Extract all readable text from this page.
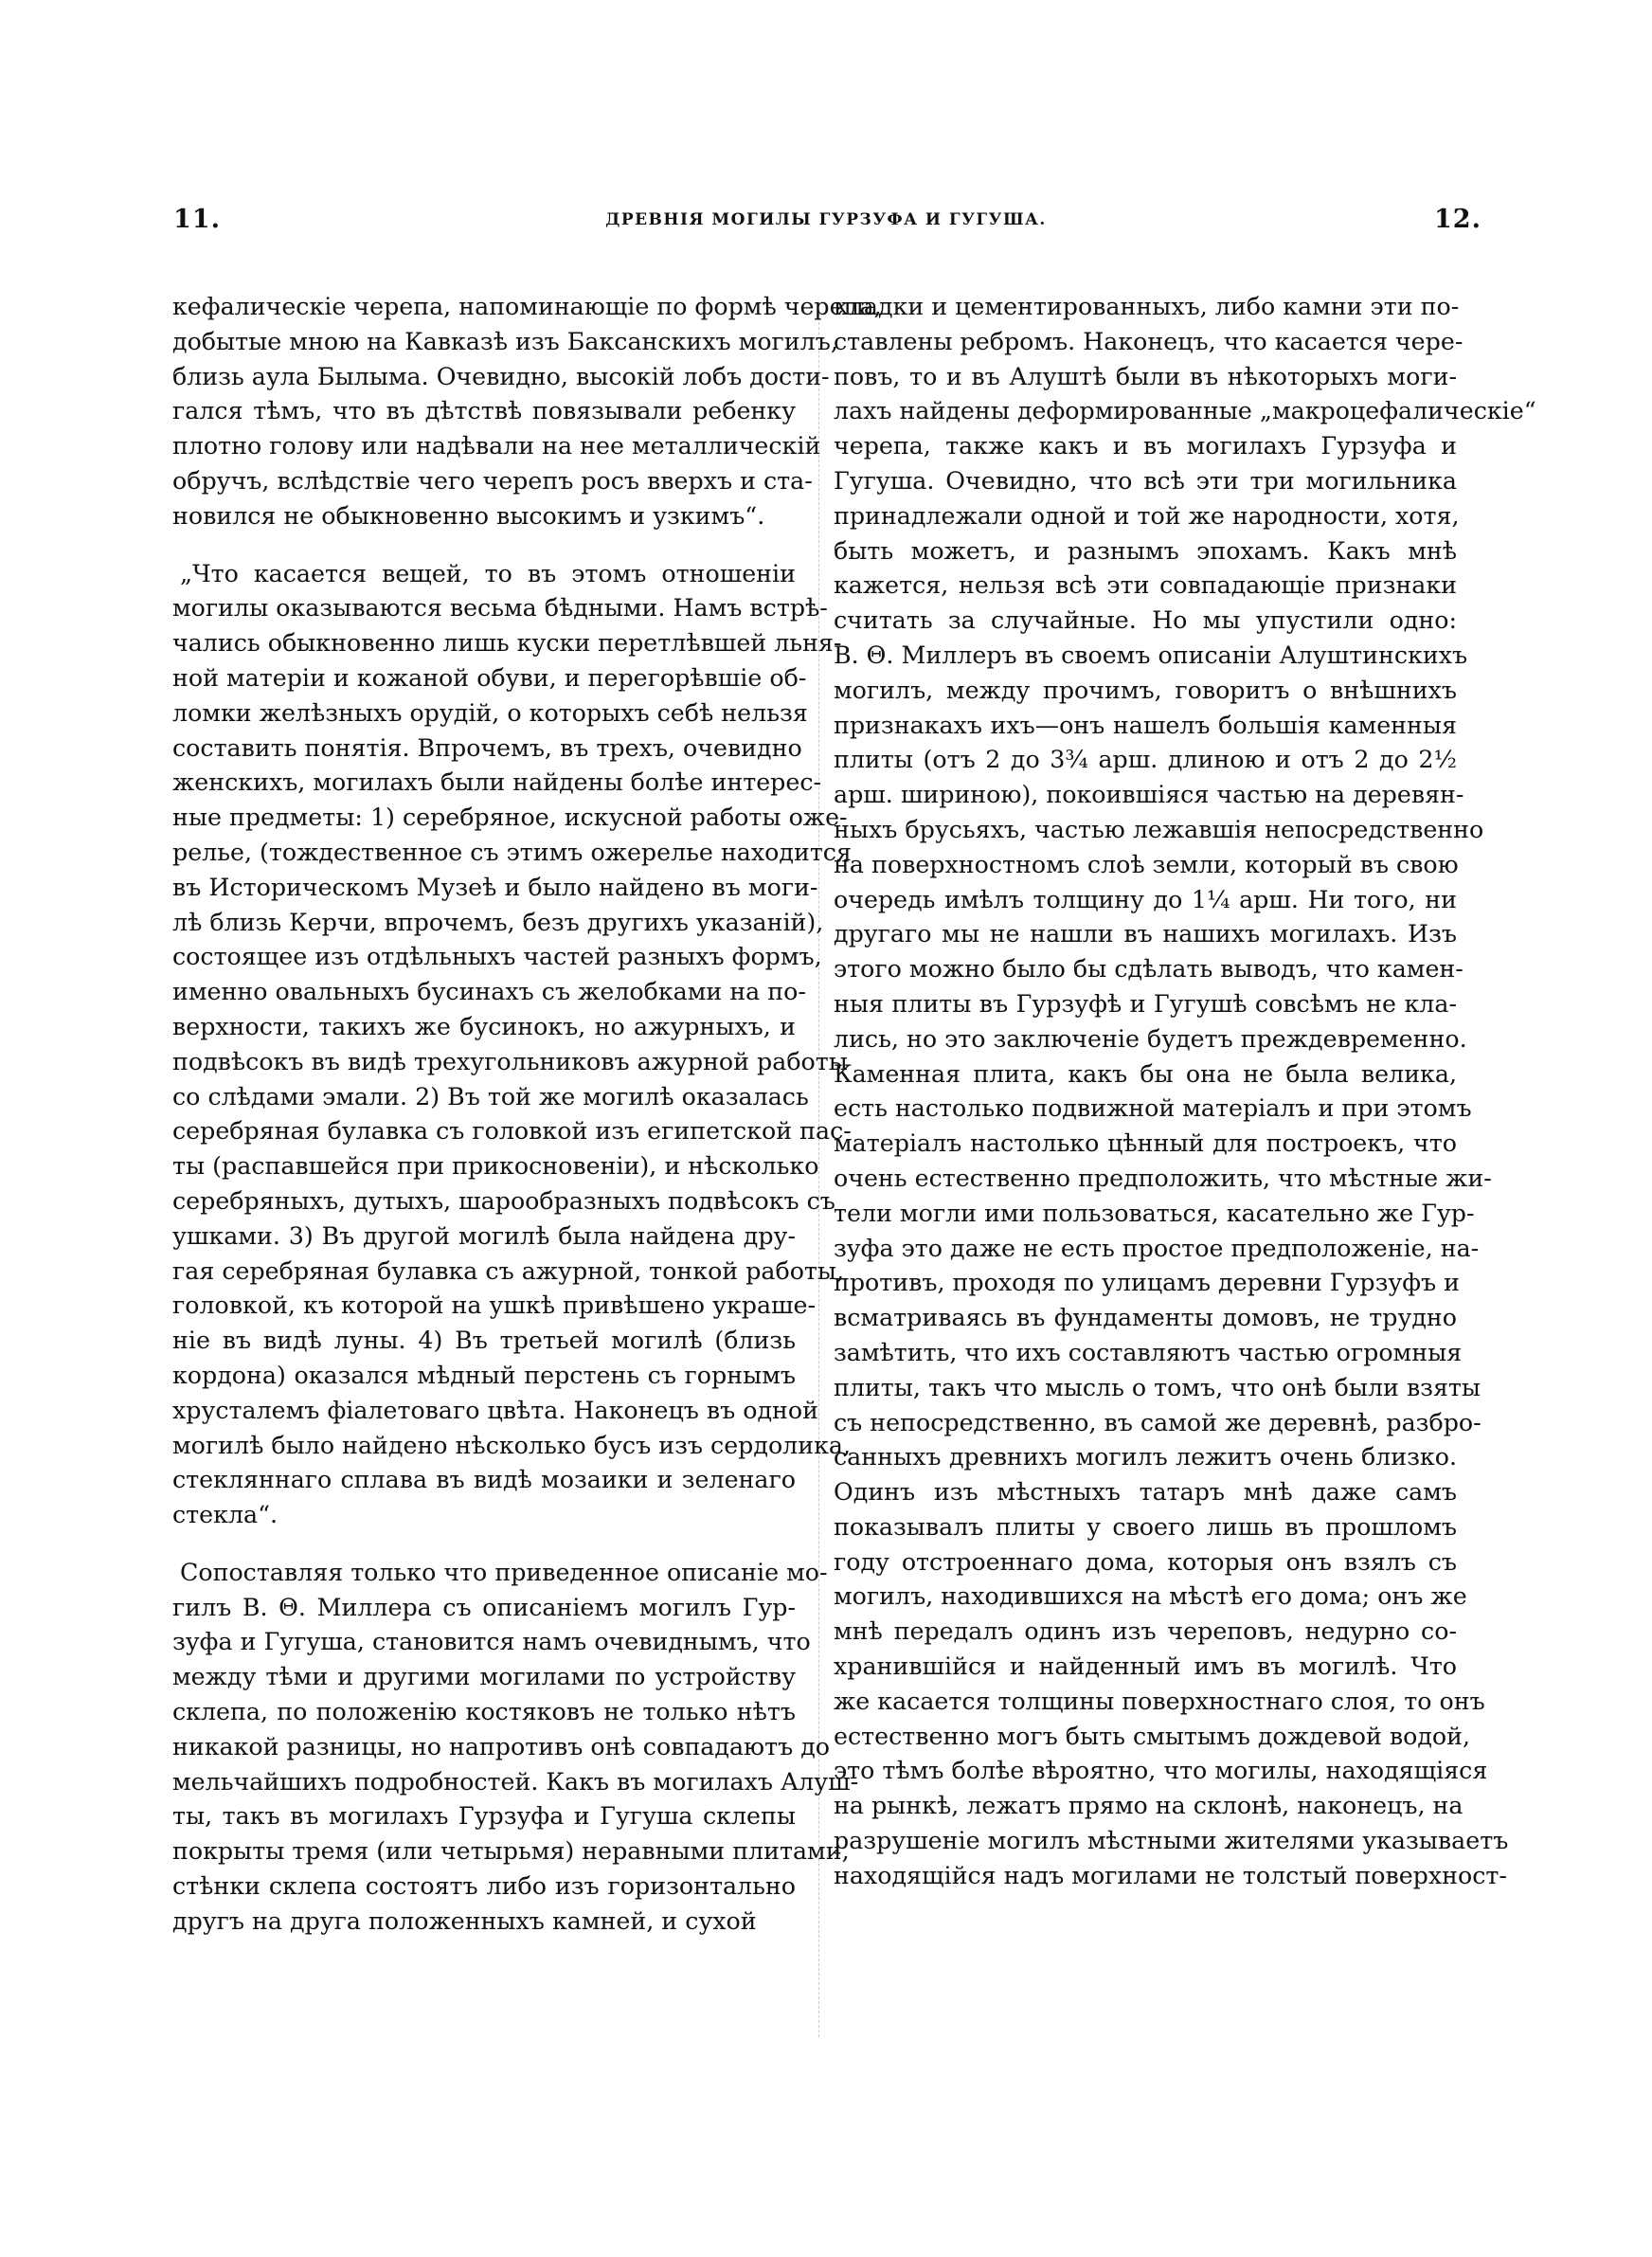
11.	ДРЕВНІЯ МОГИЛЫ ГУРЗУФА И ГУГУША.	12.
кефалическіе черепа, напоминающіе по формѣ черепа,
добытые мною на Кавказѣ изъ Баксанскихъ могилъ,
близь аула Былыма. Очевидно, высокій лобъ дости-
гался тѣмъ, что въ дѣтствѣ повязывали ребенку
плотно голову или надѣвали на нее металлическій
обручъ, вслѣдствіе чего черепъ росъ вверхъ и ста-
новился не обыкновенно высокимъ и узкимъ“.
„Что касается вещей, то въ этомъ отношеніи
могилы оказываются весьма бѣдными. Намъ встрѣ-
чались обыкновенно лишь куски перетлѣвшей льня-
ной матеріи и кожаной обуви, и перегорѣвшіе об-
ломки желѣзныхъ орудій, о которыхъ себѣ нельзя
составить понятія. Впрочемъ, въ трехъ, очевидно
женскихъ, могилахъ были найдены болѣе интерес-
ные предметы: 1) серебряное, искусной работы оже-
релье, (тождественное съ этимъ ожерелье находится
въ Историческомъ Музеѣ и было найдено въ моги-
лѣ близь Керчи, впрочемъ, безъ другихъ указаній),
состоящее изъ отдѣльныхъ частей разныхъ формъ,
именно овальныхъ бусинахъ съ желобками на по-
верхности, такихъ же бусинокъ, но ажурныхъ, и
подвѣсокъ въ видѣ трехугольниковъ ажурной работы
со слѣдами эмали. 2) Въ той же могилѣ оказалась
серебряная булавка съ головкой изъ египетской пас-
ты (распавшейся при прикосновеніи), и нѣсколько
серебряныхъ, дутыхъ, шарообразныхъ подвѣсокъ съ
ушками. 3) Въ другой могилѣ была найдена дру-
гая серебряная булавка съ ажурной, тонкой работы,
головкой, къ которой на ушкѣ привѣшено украше-
ніе въ видѣ луны. 4) Въ третьей могилѣ (близь
кордона) оказался мѣдный перстень съ горнымъ
хрусталемъ фіалетоваго цвѣта. Наконецъ въ одной
могилѣ было найдено нѣсколько бусъ изъ сердолика,
стекляннаго сплава въ видѣ мозаики и зеленаго
стекла“.
Сопоставляя только что приведенное описаніе мо-
гилъ В. Θ. Миллера съ описаніемъ могилъ Гур-
зуфа и Гугуша, становится намъ очевиднымъ, что
между тѣми и другими могилами по устройству
склепа, по положенію костяковъ не только нѣтъ
никакой разницы, но напротивъ онѣ совпадаютъ до
мельчайшихъ подробностей. Какъ въ могилахъ Алуш-
ты, такъ въ могилахъ Гурзуфа и Гугуша склепы
покрыты тремя (или четырьмя) неравными плитами,
стѣнки склепа состоятъ либо изъ горизонтально
другъ на друга положенныхъ камней, и сухой
кладки и цементированныхъ, либо камни эти по-
ставлены ребромъ. Наконецъ, что касается чере-
повъ, то и въ Алуштѣ были въ нѣкоторыхъ моги-
лахъ найдены деформированные „макроцефалическіе“
черепа, также какъ и въ могилахъ Гурзуфа и
Гугуша. Очевидно, что всѣ эти три могильника
принадлежали одной и той же народности, хотя,
быть можетъ, и разнымъ эпохамъ. Какъ мнѣ
кажется, нельзя всѣ эти совпадающіе признаки
считать за случайные. Но мы упустили одно:
В. Θ. Миллеръ въ своемъ описаніи Алуштинскихъ
могилъ, между прочимъ, говоритъ о внѣшнихъ
признакахъ ихъ—онъ нашелъ большія каменныя
плиты (отъ 2 до 3¾ арш. длиною и отъ 2 до 2½
арш. шириною), покоившіяся частью на деревян-
ныхъ брусьяхъ, частью лежавшія непосредственно
на поверхностномъ слоѣ земли, который въ свою
очередь имѣлъ толщину до 1¼ арш. Ни того, ни
другаго мы не нашли въ нашихъ могилахъ. Изъ
этого можно было бы сдѣлать выводъ, что камен-
ныя плиты въ Гурзуфѣ и Гугушѣ совсѣмъ не кла-
лись, но это заключеніе будетъ преждевременно.
Каменная плита, какъ бы она не была велика,
есть настолько подвижной матеріалъ и при этомъ
матеріалъ настолько цѣнный для построекъ, что
очень естественно предположить, что мѣстные жи-
тели могли ими пользоваться, касательно же Гур-
зуфа это даже не есть простое предположеніе, на-
противъ, проходя по улицамъ деревни Гурзуфъ и
всматриваясь въ фундаменты домовъ, не трудно
замѣтить, что ихъ составляютъ частью огромныя
плиты, такъ что мысль о томъ, что онѣ были взяты
съ непосредственно, въ самой же деревнѣ, разбро-
санныхъ древнихъ могилъ лежитъ очень близко.
Одинъ изъ мѣстныхъ татаръ мнѣ даже самъ
показывалъ плиты у своего лишь въ прошломъ
году отстроеннаго дома, которыя онъ взялъ съ
могилъ, находившихся на мѣстѣ его дома; онъ же
мнѣ передалъ одинъ изъ череповъ, недурно со-
хранившійся и найденный имъ въ могилѣ. Что
же касается толщины поверхностнаго слоя, то онъ
естественно могъ быть смытымъ дождевой водой,
это тѣмъ болѣе вѣроятно, что могилы, находящіяся
на рынкѣ, лежатъ прямо на склонѣ, наконецъ, на
разрушеніе могилъ мѣстными жителями указываетъ
находящійся надъ могилами не толстый поверхност-
